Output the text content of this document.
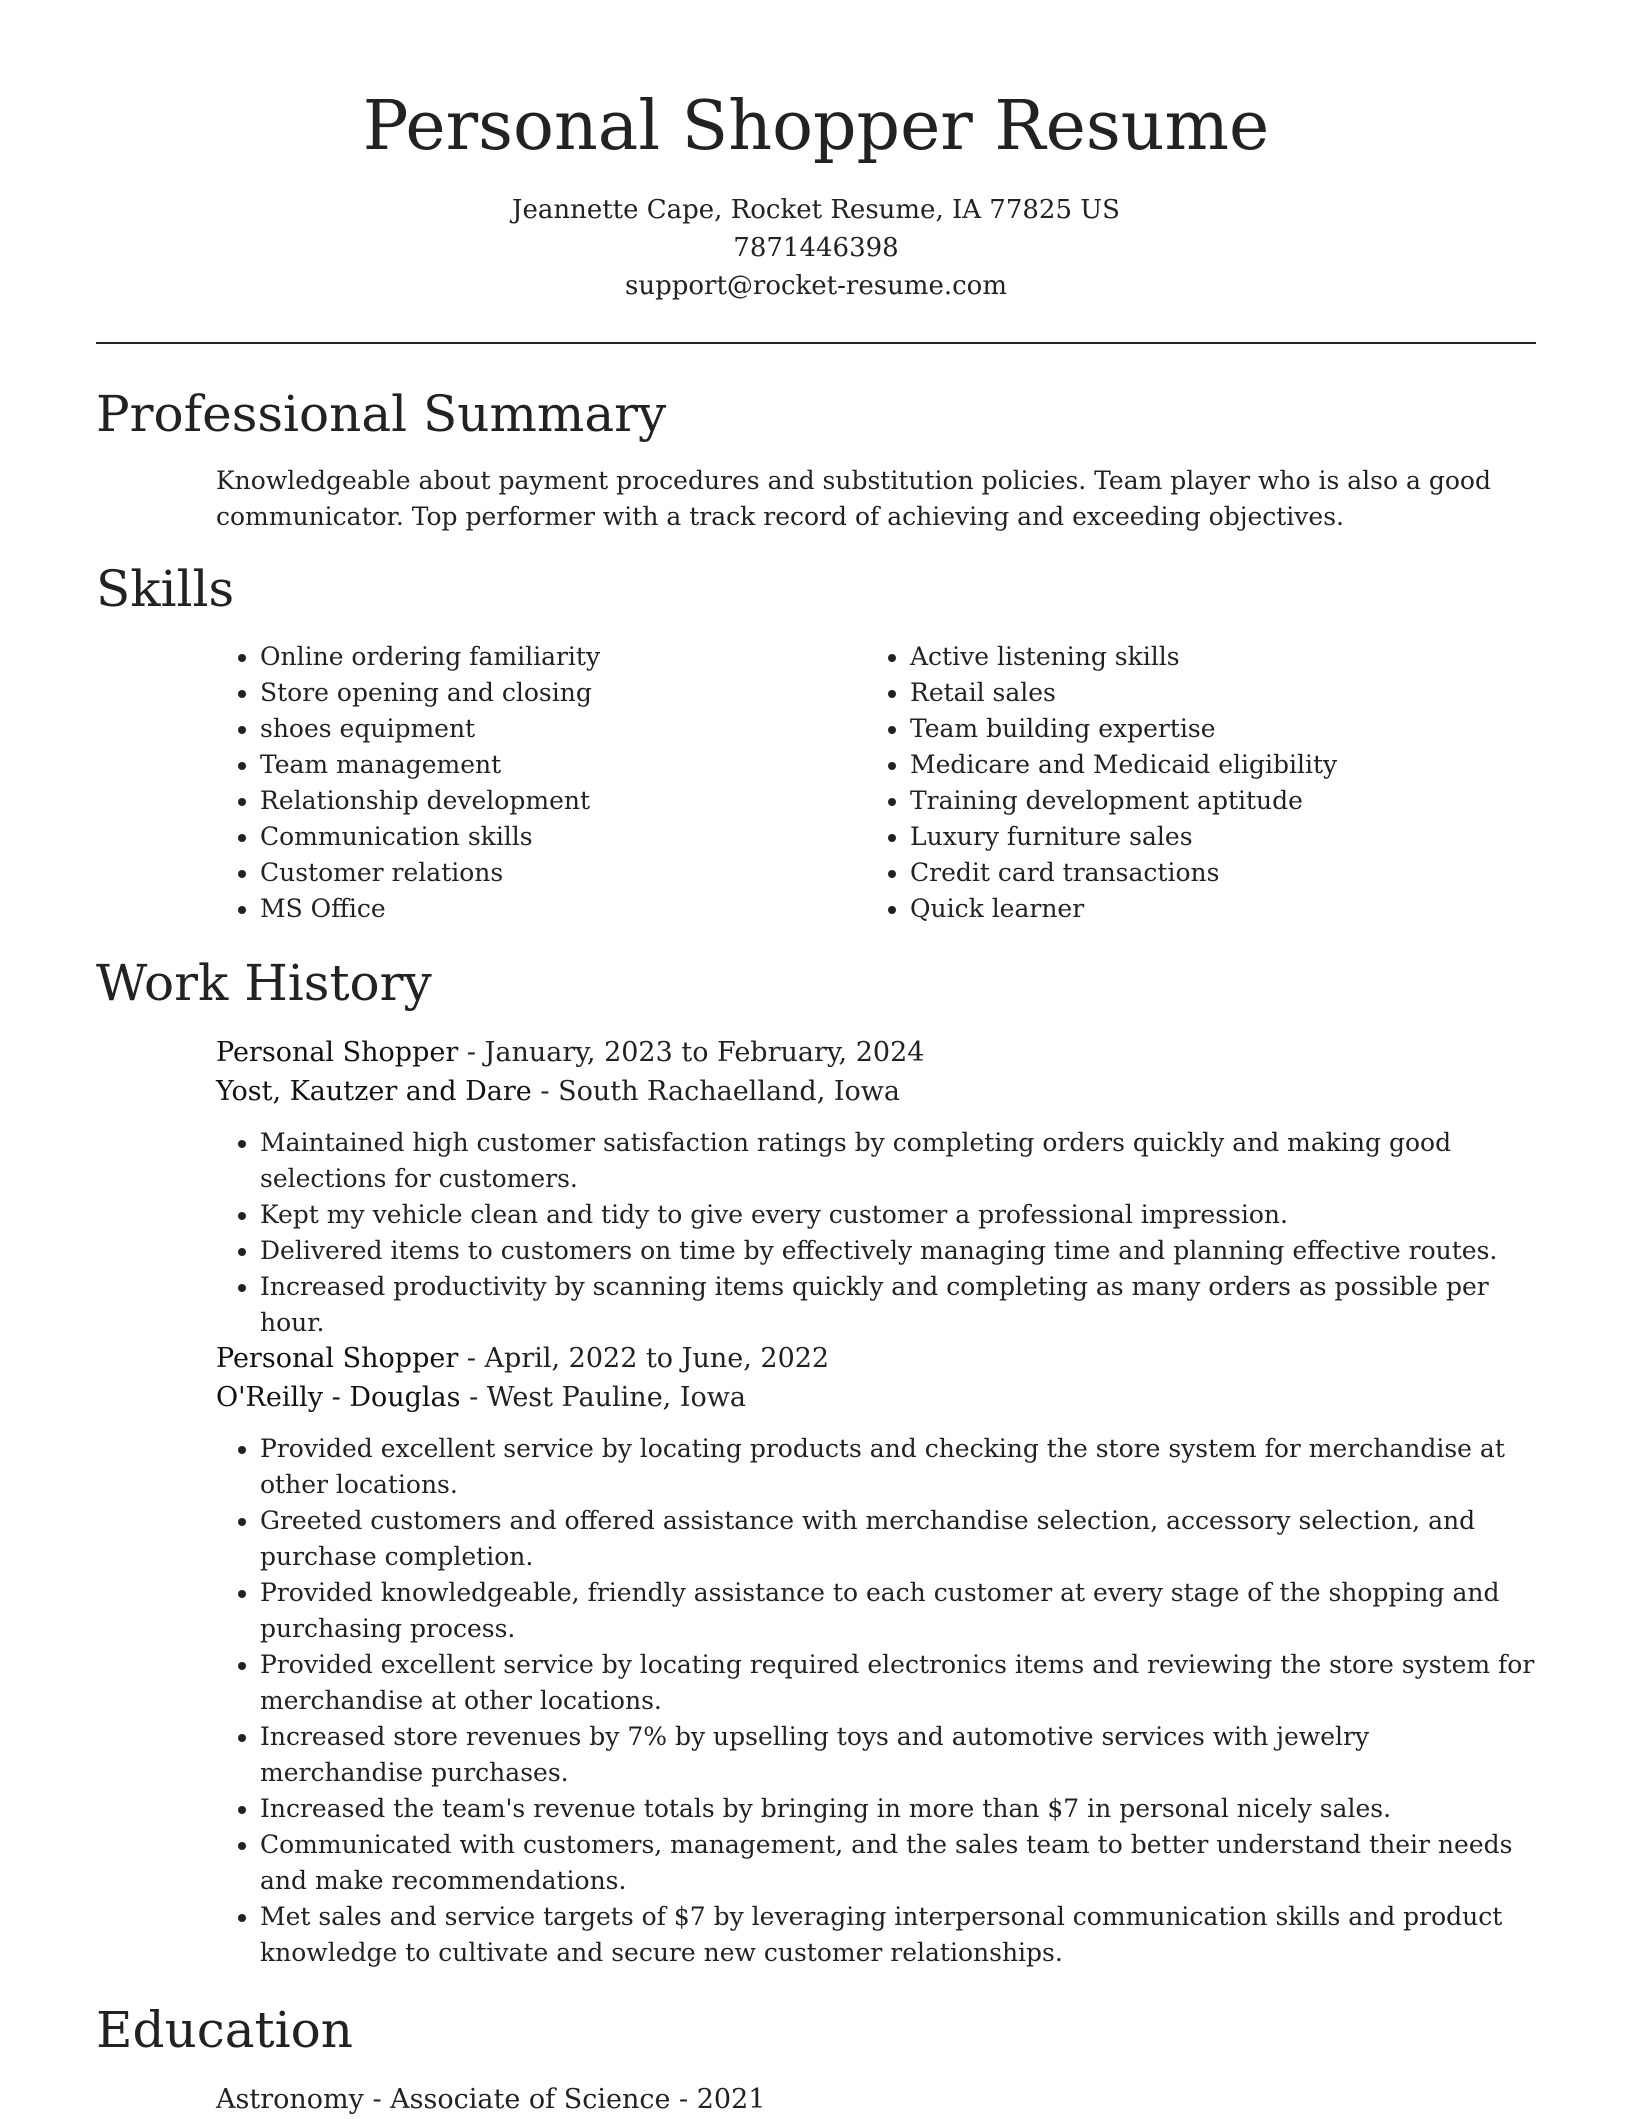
Personal Shopper Resume
Jeannette Cape, Rocket Resume, IA 77825 US
7871446398
support@rocket-resume.com
Professional Summary

Knowledgeable about payment procedures and substitution policies. Team player who is also a good communicator. Top performer with a track record of achieving and exceeding objectives.

Skills
• Online ordering familiarity
• Store opening and closing
• shoes equipment
• Team management
• Relationship development
• Communication skills
• Customer relations
• MS Office
• Active listening skills
• Retail sales
• Team building expertise
• Medicare and Medicaid eligibility
• Training development aptitude
• Luxury furniture sales
• Credit card transactions
• Quick learner
Work History
Personal Shopper - January, 2023 to February, 2024
Yost, Kautzer and Dare - South Rachaelland, Iowa
• Maintained high customer satisfaction ratings by completing orders quickly and making good selections for customers.
• Kept my vehicle clean and tidy to give every customer a professional impression.
• Delivered items to customers on time by effectively managing time and planning effective routes.
• Increased productivity by scanning items quickly and completing as many orders as possible per hour.
Personal Shopper - April, 2022 to June, 2022
O'Reilly - Douglas - West Pauline, Iowa
• Provided excellent service by locating products and checking the store system for merchandise at other locations.
• Greeted customers and offered assistance with merchandise selection, accessory selection, and purchase completion.
• Provided knowledgeable, friendly assistance to each customer at every stage of the shopping and purchasing process.
• Provided excellent service by locating required electronics items and reviewing the store system for merchandise at other locations.
• Increased store revenues by 7% by upselling toys and automotive services with jewelry merchandise purchases.
• Increased the team's revenue totals by bringing in more than $7 in personal nicely sales.
• Communicated with customers, management, and the sales team to better understand their needs and make recommendations.
• Met sales and service targets of $7 by leveraging interpersonal communication skills and product knowledge to cultivate and secure new customer relationships.
Education
Astronomy - Associate of Science - 2021
